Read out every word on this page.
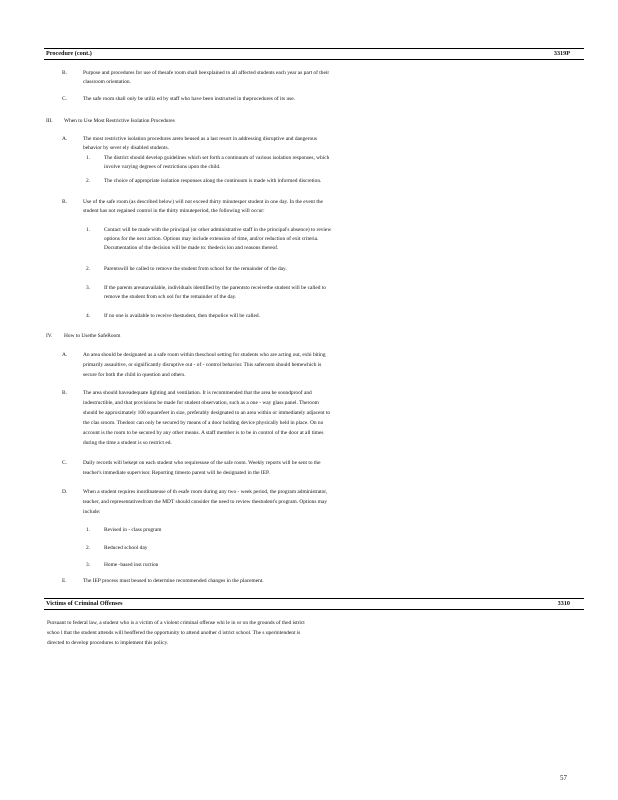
Procedure (cont.)	3319P
B.	Purpose and procedures for use of thesafe room shall beexplained to all affected students each year as part of their
classroom orientation.
C.	The safe room shall only be utiliz ed by staff who have been instructed in theprocedures of its use.
III. When to Use Most Restrictive Isolation Procedures
A.	The most restrictive isolation procedures areto beused as a last resort in addressing disruptive and dangerous
behavior by sever ely disabled students.
1.	The district should develop guidelines which set forth a continuum of various isolation responses, which
involve varying degrees of restrictions upon the child.
2.	The choice of appropriate isolation responses along the continuum is made with informed discretion.
B.	Use of the safe room (as described below) will not exceed thirty minutesper student in one day. In the event the
student has not regained control in the thirty minuteperiod, the following will occur:
1.	Contact will be made with the principal (or other administrative staff in the principal's absence) to review
options for the next action. Options may include extension of time, and/or reduction of exit criteria.
Documentation of the decision will be made to: thedecis ion and reasons thereof.
2.	Parentswill be called to remove the student from school for the remainder of the day.
3.	If the parents areunavailable, individuals identified by the parentsto receivethe student will be called to
remove the student from sch ool for the remainder of the day.
4.	If no one is available to receive thestudent, then thepolice will be called.
IV. How to Usethe SafeRoom
A.	An area should be designated as a safe room within theschool setting for students who are acting out, exhi biting
primarily assaultive, or significantly disruptive out - of - control behavior. This saferoom should bemewhich is
secure for both the child in question and others.
B.	The area should haveadequate lighting and ventilation. It is recommended that the area be soundproof and
indestructible, and that provisions be made for student observation, such as a one - way glass panel. Theroom
should be approximately 100 squarefeet in size, preferably designated to an area within or immediately adjacent to
the clas sroom. Thedoor can only be secured by means of a door holding device physically held in place. On no
account is the room to be secured by any other means. A staff member is to be in control of the door at all times
during the time a student is so restrict ed.
C.	Daily records will bekept on each student who requiresuse of the safe room. Weekly reports will be sent to the
teacher's immediate supervisor. Reporting timesto parent will be designated in the IEP.
D.	When a student requires inordinateuse of th esafe room during any two - week period, the program administrator,
teacher, and representativesfrom the MDT should consider the need to review thestudent's program. Options may
include:
1.	Revised in - class program
2.	Reduced school day
3.	Home -based inst ruction
E.	The IEP process must beused to determine recommended changes in the placement.
Victims of Criminal Offenses	3310
Pursuant to federal law, a student who is a victim of a violent criminal offense whi le in or on the grounds of thed istrict
schoo l that the student attends will beoffered the opportunity to attend another d istrict school. The s uperintendent is
directed to develop procedures to implement this policy.
57
